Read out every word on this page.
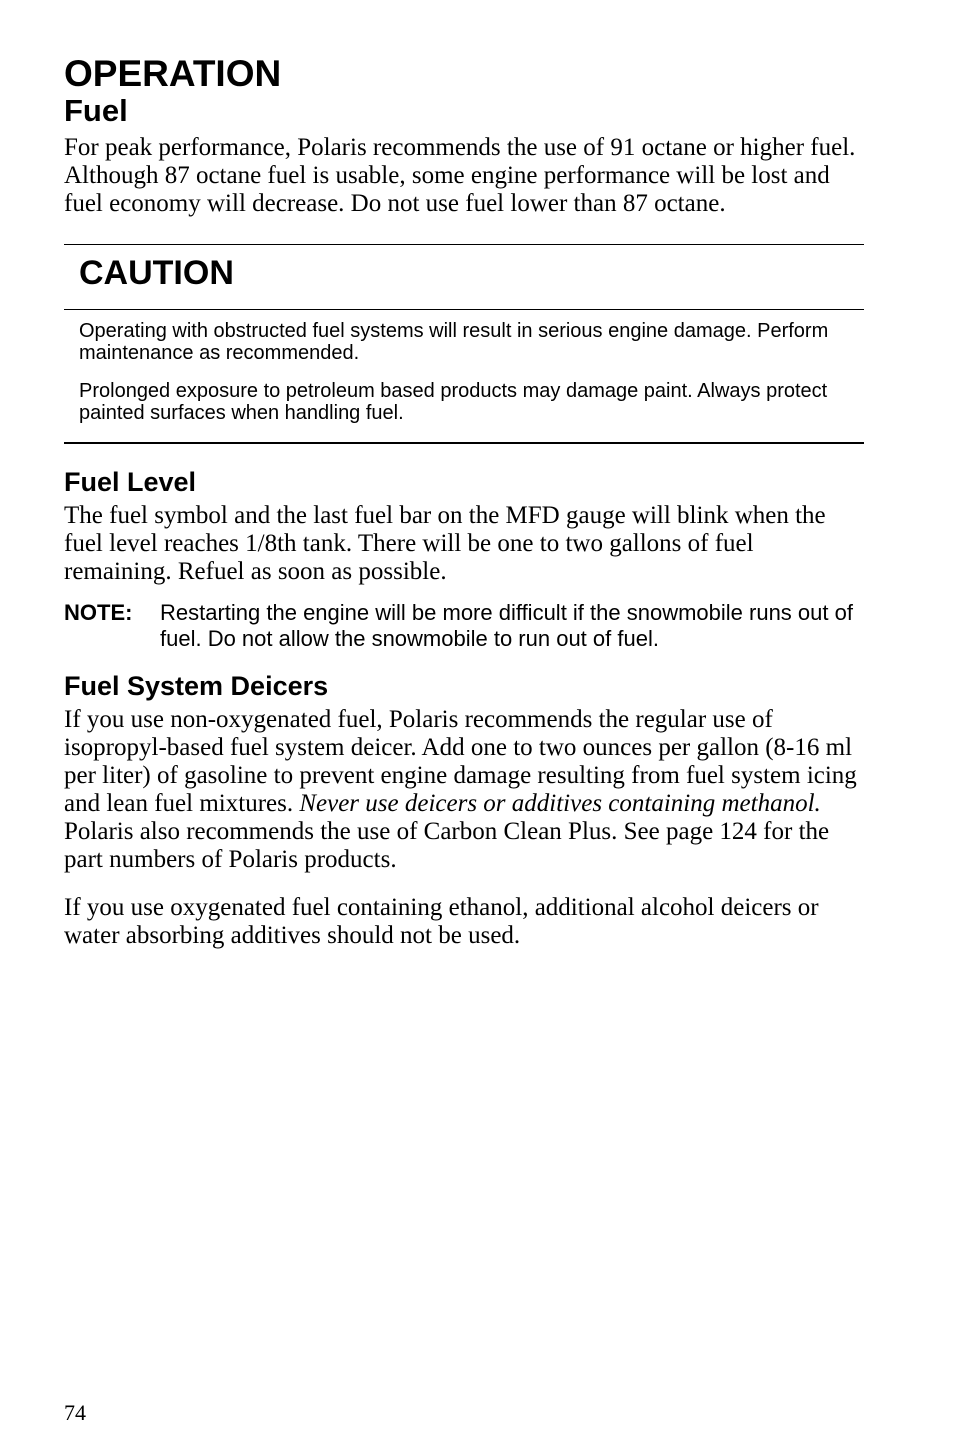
OPERATION
Fuel

For peak performance, Polaris recommends the use of 91 octane or higher fuel. Although 87 octane fuel is usable, some engine performance will be lost and fuel economy will decrease. Do not use fuel lower than 87 octane.

CAUTION

Operating with obstructed fuel systems will result in serious engine damage. Perform maintenance as recommended.

Prolonged exposure to petroleum based products may damage paint. Always protect painted surfaces when handling fuel.

Fuel Level

The fuel symbol and the last fuel bar on the MFD gauge will blink when the fuel level reaches 1/8th tank. There will be one to two gallons of fuel remaining. Refuel as soon as possible.

NOTE:	Restarting the engine will be more difficult if the snowmobile runs out of fuel. Do not allow the snowmobile to run out of fuel.
Fuel System Deicers

If you use non-oxygenated fuel, Polaris recommends the regular use of isopropyl-based fuel system deicer. Add one to two ounces per gallon (8-16 ml per liter) of gasoline to prevent engine damage resulting from fuel system icing and lean fuel mixtures. Never use deicers or additives containing methanol. Polaris also recommends the use of Carbon Clean Plus. See page 124 for the part numbers of Polaris products.

If you use oxygenated fuel containing ethanol, additional alcohol deicers or water absorbing additives should not be used.

74
